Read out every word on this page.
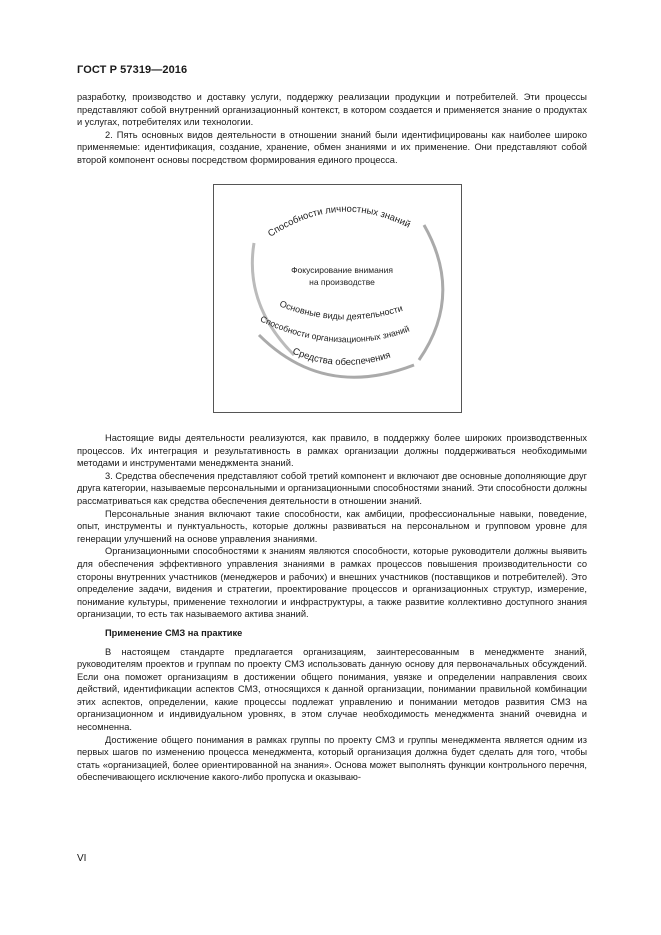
ГОСТ Р 57319—2016

разработку, производство и доставку услуги, поддержку реализации продукции и потребителей. Эти процессы представляют собой внутренний организационный контекст, в котором создается и применяется знание о продуктах и услугах, потребителях или технологии.

2. Пять основных видов деятельности в отношении знаний были идентифицированы как наиболее широко применяемые: идентификация, создание, хранение, обмен знаниями и их применение. Они представляют собой второй компонент основы посредством формирования единого процесса.

Способности личностных знаний
Фокусирование внимания
на производстве
Основные виды деятельности
Способности организационных знаний
Средства обеспечения

Настоящие виды деятельности реализуются, как правило, в поддержку более широких производственных процессов. Их интеграция и результативность в рамках организации должны поддерживаться необходимыми методами и инструментами менеджмента знаний.

3. Средства обеспечения представляют собой третий компонент и включают две основные дополняющие друг друга категории, называемые персональными и организационными способностями знаний. Эти способности должны рассматриваться как средства обеспечения деятельности в отношении знаний.

Персональные знания включают такие способности, как амбиции, профессиональные навыки, поведение, опыт, инструменты и пунктуальность, которые должны развиваться на персональном и групповом уровне для генерации улучшений на основе управления знаниями.

Организационными способностями к знаниям являются способности, которые руководители должны выявить для обеспечения эффективного управления знаниями в рамках процессов повышения производительности со стороны внутренних участников (менеджеров и рабочих) и внешних участников (поставщиков и потребителей). Это определение задачи, видения и стратегии, проектирование процессов и организационных структур, измерение, понимание культуры, применение технологии и инфраструктуры, а также развитие коллективно доступного знания организации, то есть так называемого актива знаний.

Применение СМЗ на практике

В настоящем стандарте предлагается организациям, заинтересованным в менеджменте знаний, руководителям проектов и группам по проекту СМЗ использовать данную основу для первоначальных обсуждений. Если она поможет организациям в достижении общего понимания, увязке и определении направления своих действий, идентификации аспектов СМЗ, относящихся к данной организации, понимании правильной комбинации этих аспектов, определении, какие процессы подлежат управлению и понимании методов развития СМЗ на организационном и индивидуальном уровнях, в этом случае необходимость менеджмента знаний очевидна и несомненна.

Достижение общего понимания в рамках группы по проекту СМЗ и группы менеджмента является одним из первых шагов по изменению процесса менеджмента, который организация должна будет сделать для того, чтобы стать «организацией, более ориентированной на знания». Основа может выполнять функции контрольного перечня, обеспечивающего исключение какого-либо пропуска и оказываю-

VI
